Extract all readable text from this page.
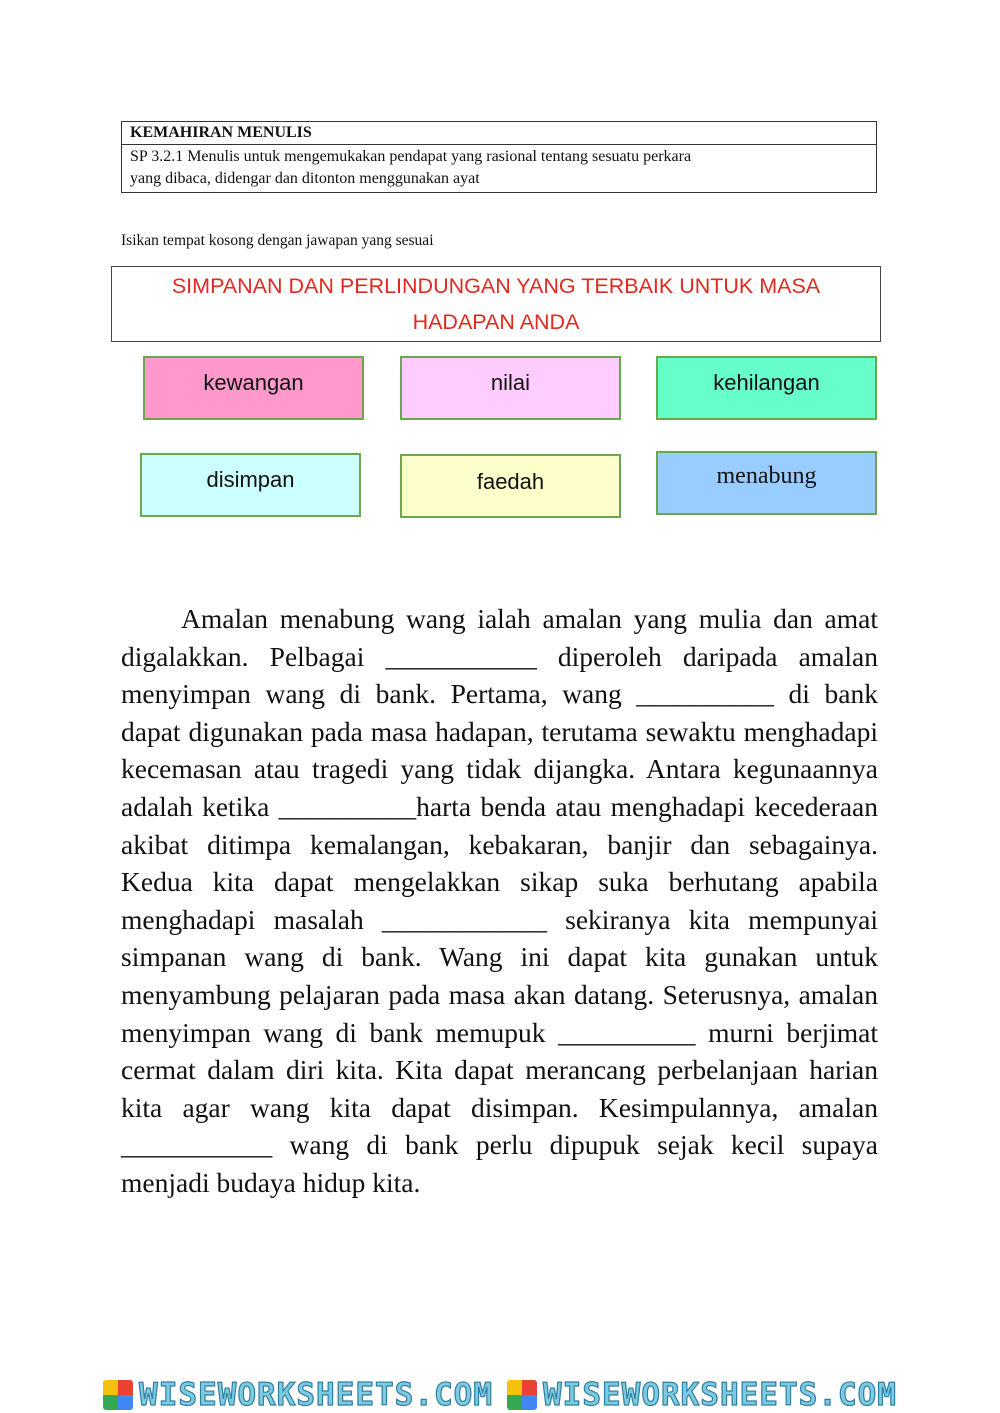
KEMAHIRAN MENULIS
SP 3.2.1 Menulis untuk mengemukakan pendapat yang rasional tentang sesuatu perkara
yang dibaca, didengar dan ditonton menggunakan ayat
Isikan tempat kosong dengan jawapan yang sesuai
SIMPANAN DAN PERLINDUNGAN YANG TERBAIK UNTUK MASA
HADAPAN ANDA
kewangan	nilai	kehilangan
disimpan	faedah	menabung

Amalan menabung wang ialah amalan yang mulia dan amat digalakkan. Pelbagai ___________ diperoleh daripada amalan menyimpan wang di bank. Pertama, wang __________ di bank dapat digunakan pada masa hadapan, terutama sewaktu menghadapi kecemasan atau tragedi yang tidak dijangka. Antara kegunaannya adalah ketika __________harta benda atau menghadapi kecederaan akibat ditimpa kemalangan, kebakaran, banjir dan sebagainya. Kedua kita dapat mengelakkan sikap suka berhutang apabila menghadapi masalah ____________ sekiranya kita mempunyai simpanan wang di bank. Wang ini dapat kita gunakan untuk menyambung pelajaran pada masa akan datang. Seterusnya, amalan menyimpan wang di bank memupuk __________ murni berjimat cermat dalam diri kita. Kita dapat merancang perbelanjaan harian kita agar wang kita dapat disimpan. Kesimpulannya, amalan ___________ wang di bank perlu dipupuk sejak kecil supaya menjadi budaya hidup kita.

WISEWORKSHEETS.COM WISEWORKSHEETS.COM
